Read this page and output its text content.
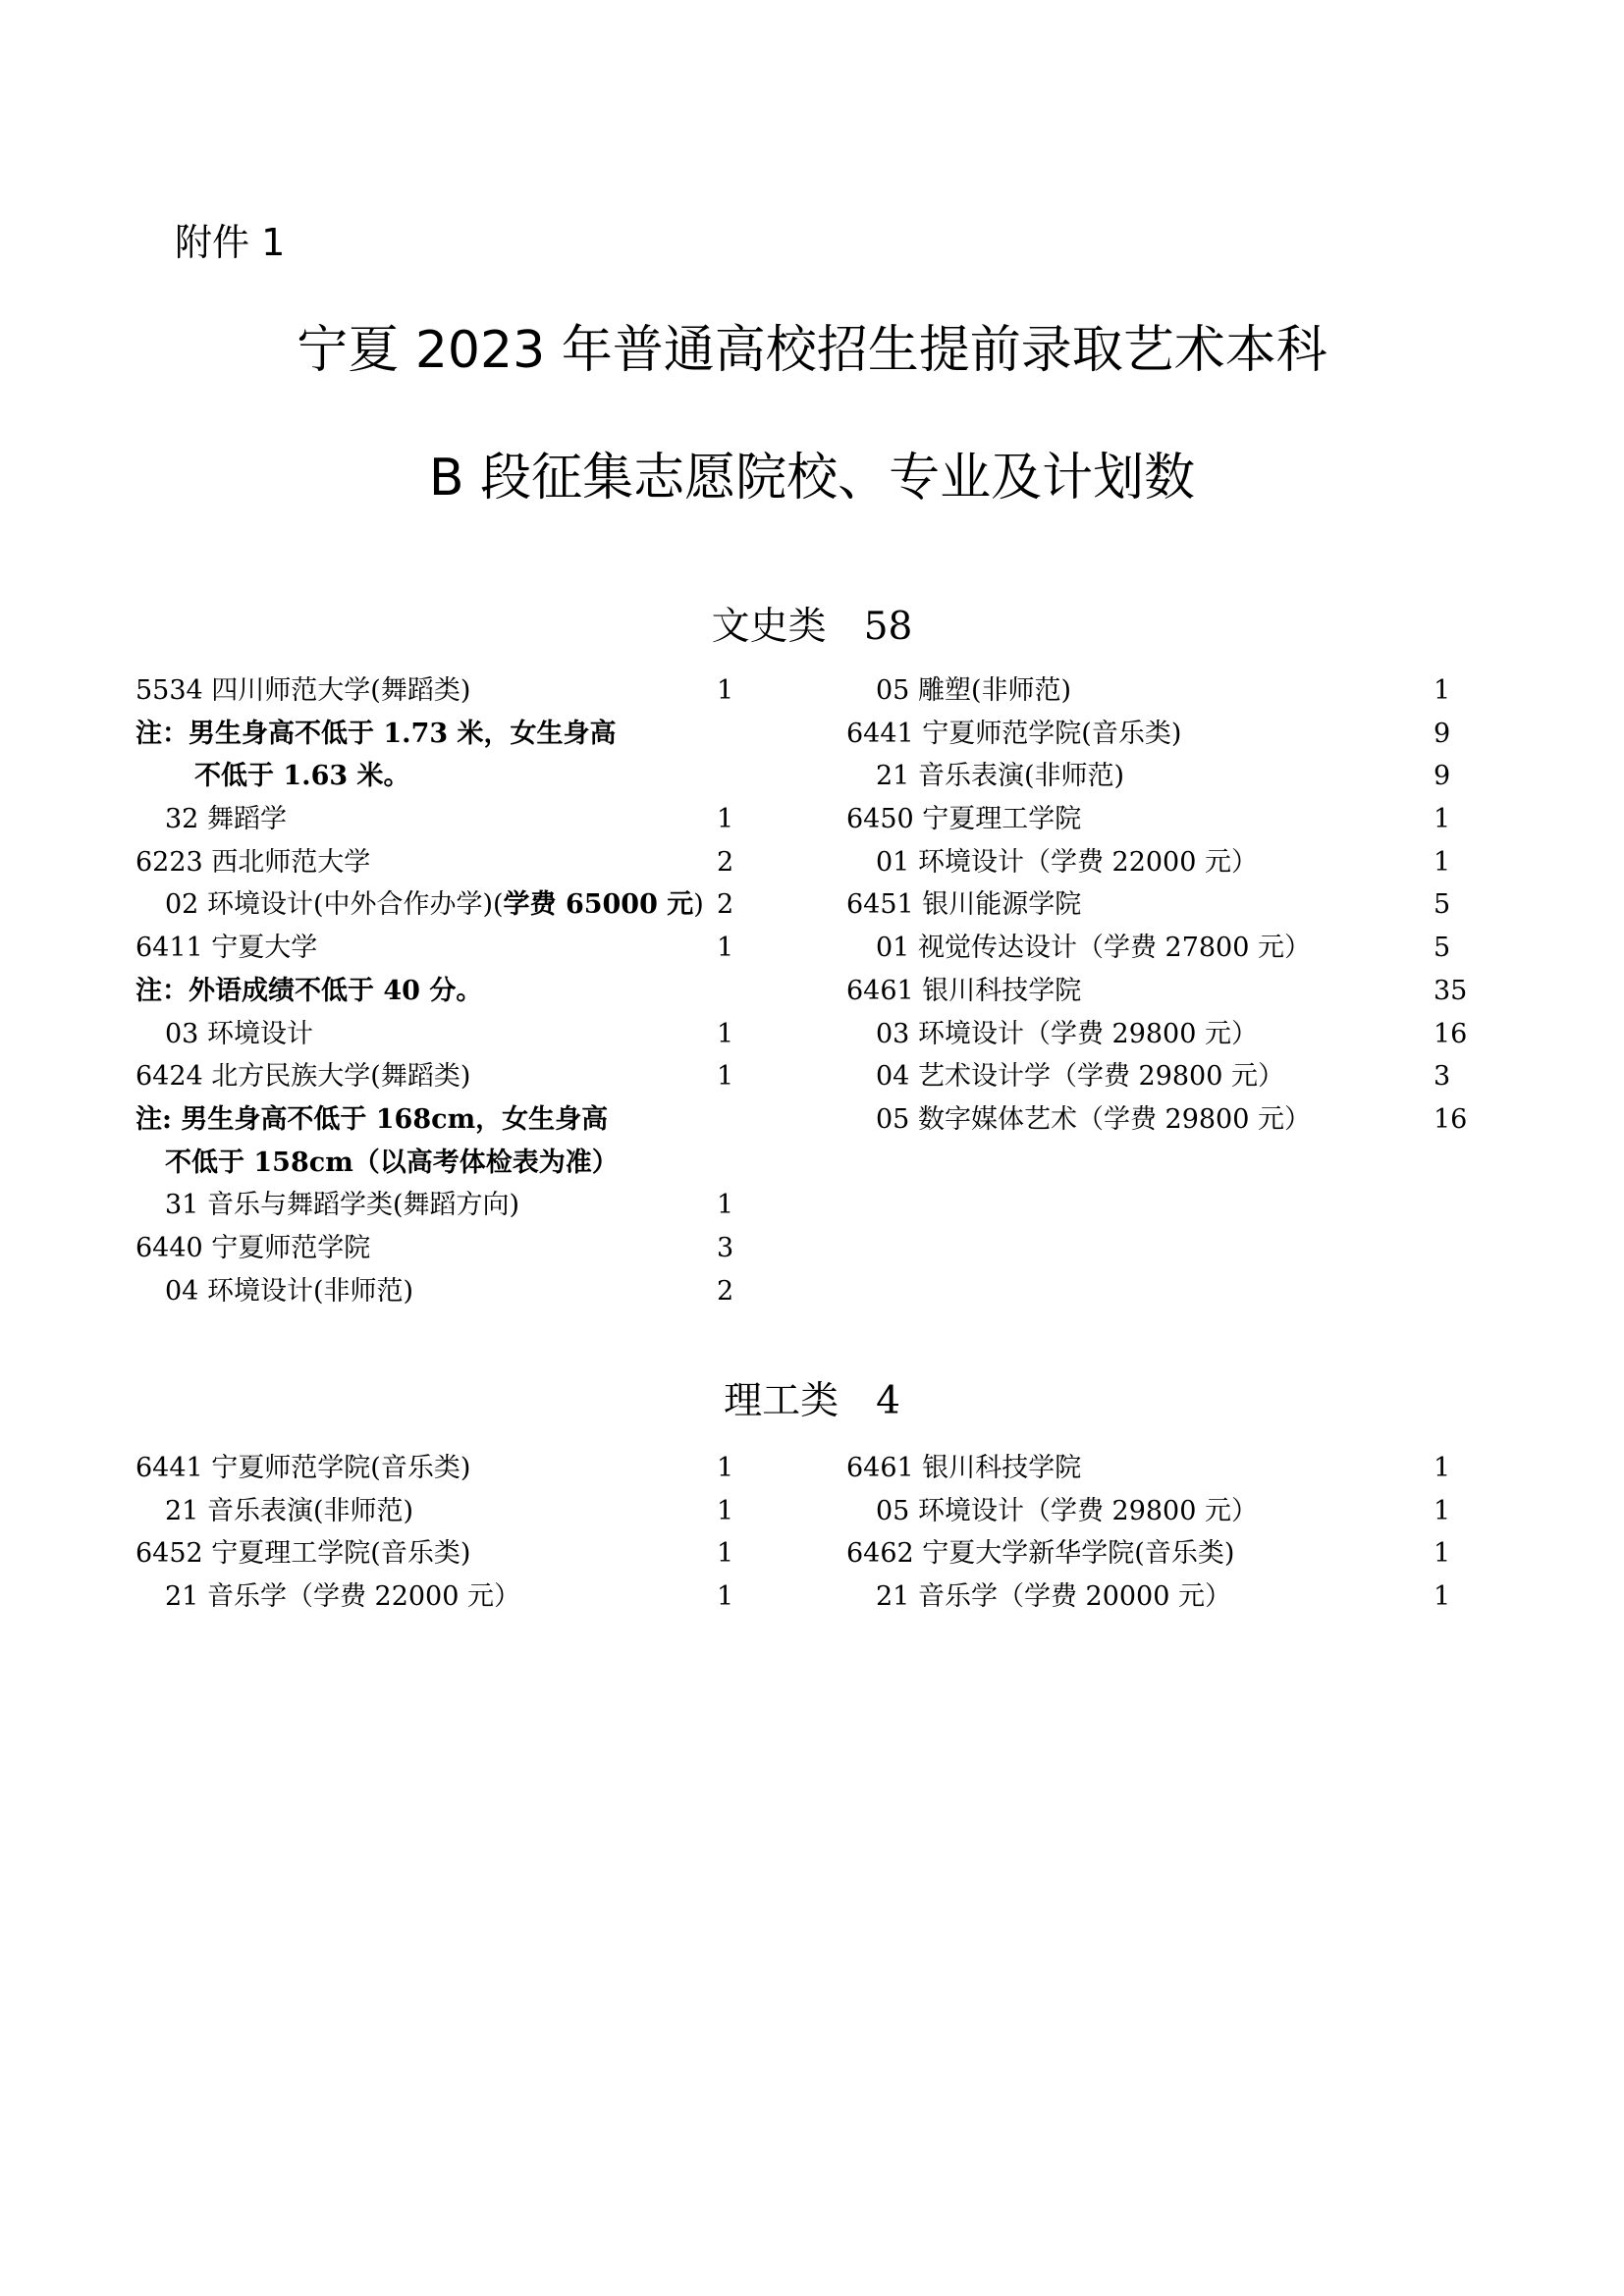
附件 1

宁夏 2023 年普通高校招生提前录取艺术本科
B 段征集志愿院校、专业及计划数
文史类 58
5534 四川师范大学(舞蹈类)	1
注：男生身高不低于 1.73 米，女生身高
不低于 1.63 米。
32 舞蹈学	1
6223 西北师范大学	2
02 环境设计(中外合作办学)(学费 65000 元) 2
6411 宁夏大学	1
注：外语成绩不低于 40 分。
03 环境设计	1
6424 北方民族大学(舞蹈类)	1
注: 男生身高不低于 168cm，女生身高
不低于 158cm（以高考体检表为准）
31 音乐与舞蹈学类(舞蹈方向)	1
6440 宁夏师范学院	3
04 环境设计(非师范)	2
05 雕塑(非师范)	1
6441 宁夏师范学院(音乐类)	9
21 音乐表演(非师范)	9
6450 宁夏理工学院	1
01 环境设计（学费 22000 元）	1
6451 银川能源学院	5
01 视觉传达设计（学费 27800 元）	5
6461 银川科技学院	35
03 环境设计（学费 29800 元）	16
04 艺术设计学（学费 29800 元）	3
05 数字媒体艺术（学费 29800 元）	16
理工类 4
6441 宁夏师范学院(音乐类)	1
21 音乐表演(非师范)	1
6452 宁夏理工学院(音乐类)	1
21 音乐学（学费 22000 元）	1
6461 银川科技学院	1
05 环境设计（学费 29800 元）	1
6462 宁夏大学新华学院(音乐类)	1
21 音乐学（学费 20000 元）	1
